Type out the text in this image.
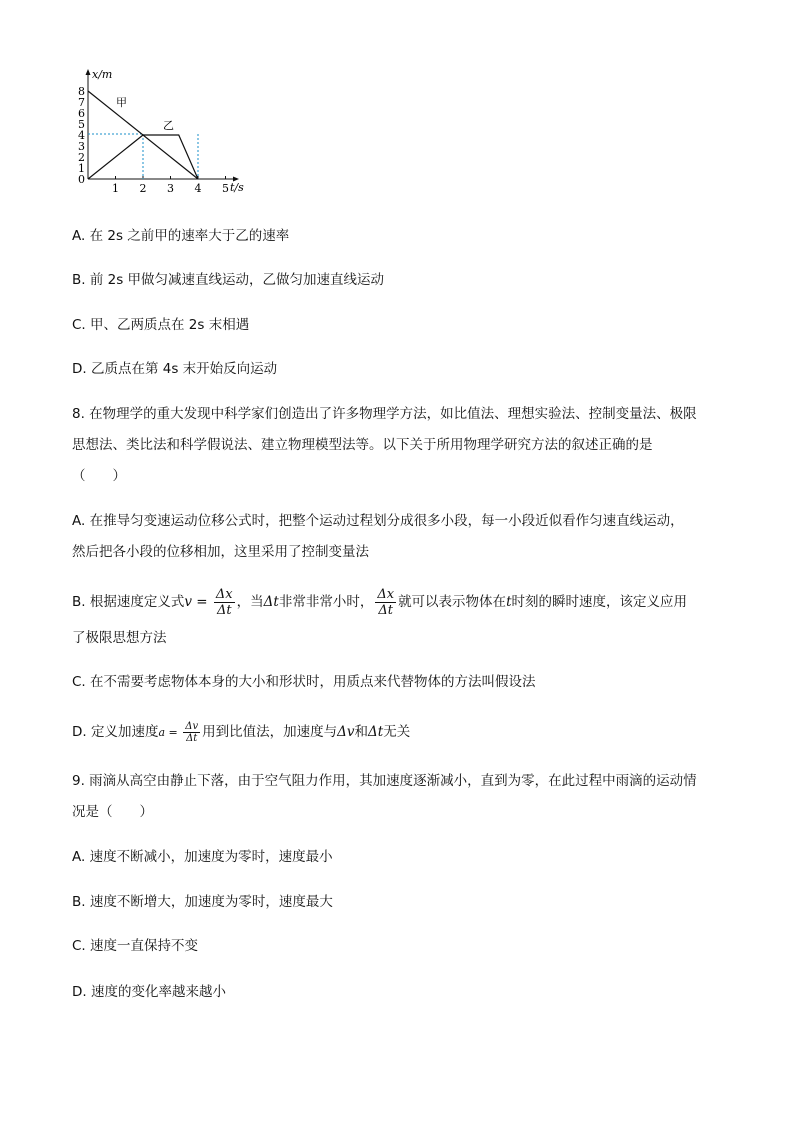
x/m
t/s
8
7
6
5
4
3
2
1
0
1 2 3 4 5
甲
乙
A. 在 2s 之前甲的速率大于乙的速率
B. 前 2s 甲做匀减速直线运动，乙做匀加速直线运动
C. 甲、乙两质点在 2s 末相遇
D. 乙质点在第 4s 末开始反向运动
8. 在物理学的重大发现中科学家们创造出了许多物理学方法，如比值法、理想实验法、控制变量法、极限
思想法、类比法和科学假说法、建立物理模型法等。以下关于所用物理学研究方法的叙述正确的是
（　　）
A. 在推导匀变速运动位移公式时，把整个运动过程划分成很多小段，每一小段近似看作匀速直线运动，
然后把各小段的位移相加，这里采用了控制变量法
B. 根据速度定义式$v = \frac{\Delta x}{\Delta t}$ ，当Δt非常非常小时， $\frac{\Delta x}{\Delta t}$ 就可以表示物体在t时刻的瞬时速度，该定义应用
了极限思想方法
C. 在不需要考虑物体本身的大小和形状时，用质点来代替物体的方法叫假设法
D. 定义加速度$a = \frac{\Delta v}{\Delta t}$ 用到比值法，加速度与Δv和Δt无关
9. 雨滴从高空由静止下落，由于空气阻力作用，其加速度逐渐减小，直到为零，在此过程中雨滴的运动情
况是（　　）
A. 速度不断减小，加速度为零时，速度最小
B. 速度不断增大，加速度为零时，速度最大
C. 速度一直保持不变
D. 速度的变化率越来越小
